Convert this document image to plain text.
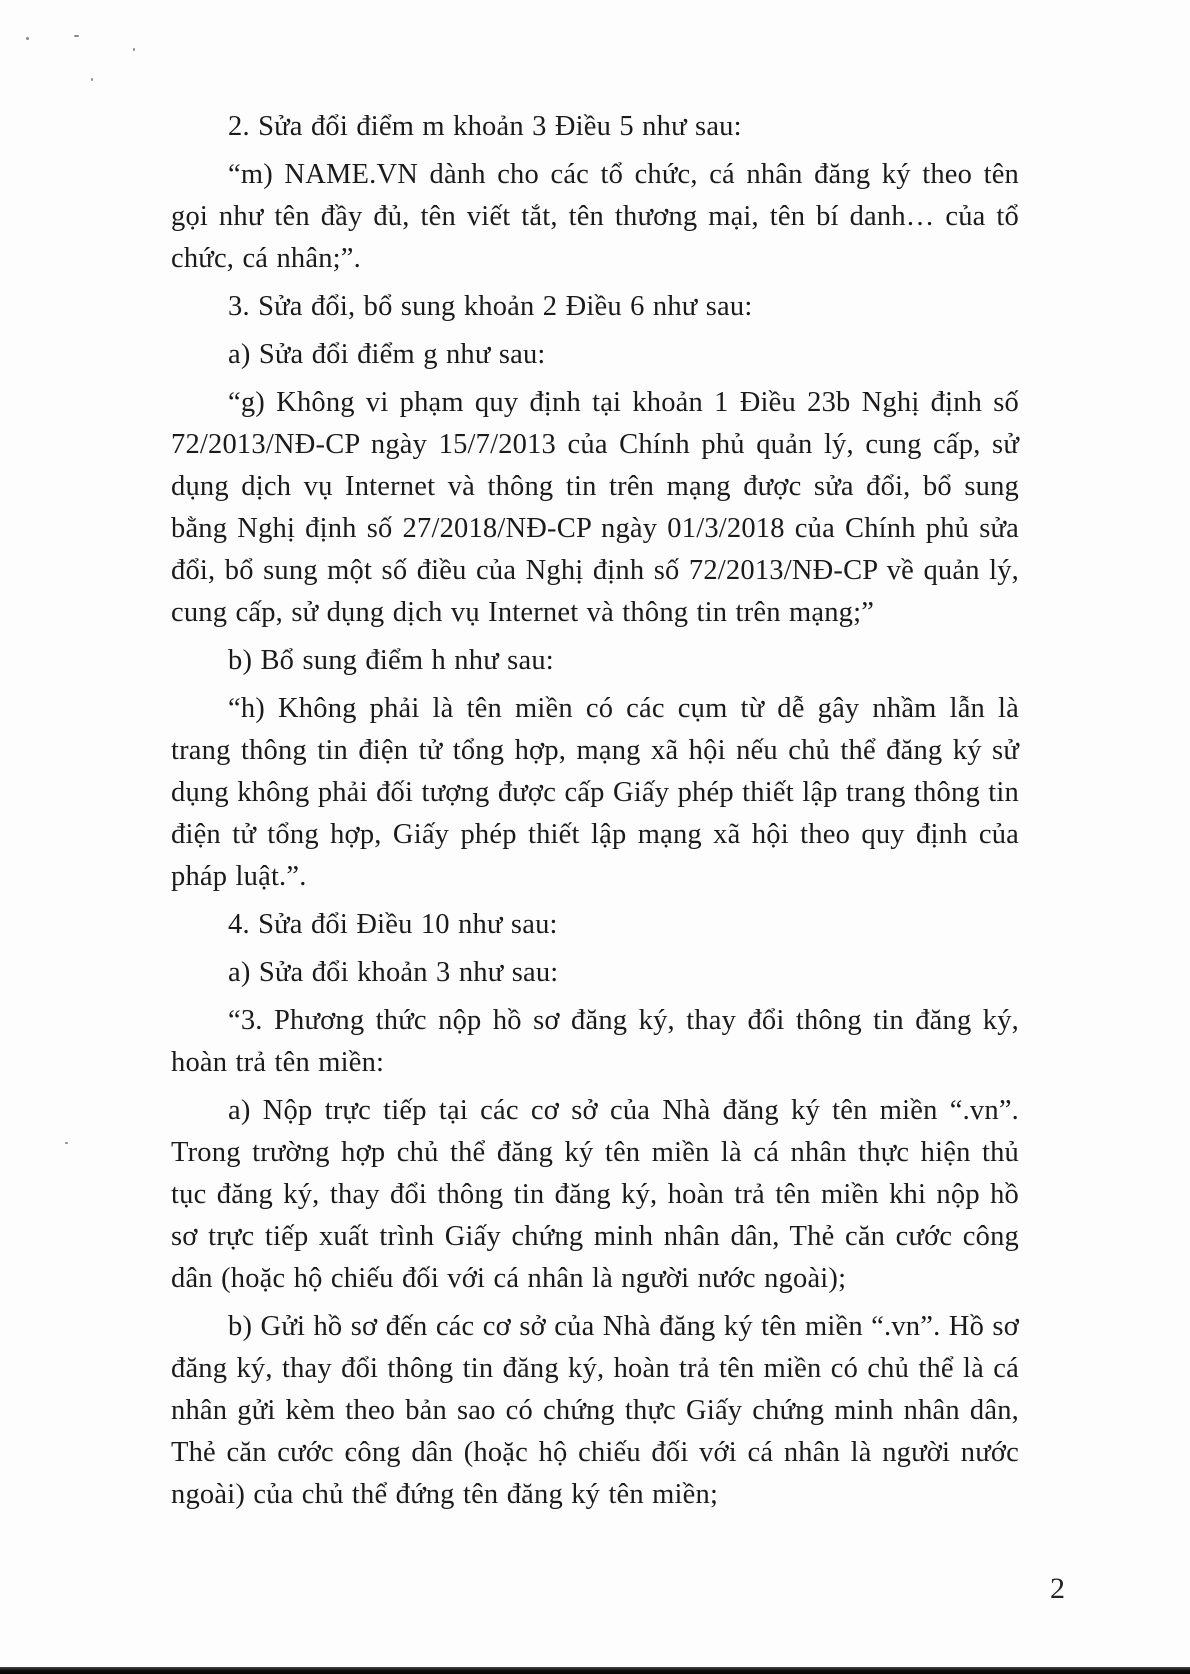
2. Sửa đổi điểm m khoản 3 Điều 5 như sau:

“m) NAME.VN dành cho các tổ chức, cá nhân đăng ký theo tên gọi như tên đầy đủ, tên viết tắt, tên thương mại, tên bí danh… của tổ chức, cá nhân;”.

3. Sửa đổi, bổ sung khoản 2 Điều 6 như sau:

a) Sửa đổi điểm g như sau:

“g) Không vi phạm quy định tại khoản 1 Điều 23b Nghị định số 72/2013/NĐ-CP ngày 15/7/2013 của Chính phủ quản lý, cung cấp, sử dụng dịch vụ Internet và thông tin trên mạng được sửa đổi, bổ sung bằng Nghị định số 27/2018/NĐ-CP ngày 01/3/2018 của Chính phủ sửa đổi, bổ sung một số điều của Nghị định số 72/2013/NĐ-CP về quản lý, cung cấp, sử dụng dịch vụ Internet và thông tin trên mạng;”

b) Bổ sung điểm h như sau:

“h) Không phải là tên miền có các cụm từ dễ gây nhầm lẫn là trang thông tin điện tử tổng hợp, mạng xã hội nếu chủ thể đăng ký sử dụng không phải đối tượng được cấp Giấy phép thiết lập trang thông tin điện tử tổng hợp, Giấy phép thiết lập mạng xã hội theo quy định của pháp luật.”.

4. Sửa đổi Điều 10 như sau:

a) Sửa đổi khoản 3 như sau:

“3. Phương thức nộp hồ sơ đăng ký, thay đổi thông tin đăng ký, hoàn trả tên miền:

a) Nộp trực tiếp tại các cơ sở của Nhà đăng ký tên miền “.vn”. Trong trường hợp chủ thể đăng ký tên miền là cá nhân thực hiện thủ tục đăng ký, thay đổi thông tin đăng ký, hoàn trả tên miền khi nộp hồ sơ trực tiếp xuất trình Giấy chứng minh nhân dân, Thẻ căn cước công dân (hoặc hộ chiếu đối với cá nhân là người nước ngoài);

b) Gửi hồ sơ đến các cơ sở của Nhà đăng ký tên miền “.vn”. Hồ sơ đăng ký, thay đổi thông tin đăng ký, hoàn trả tên miền có chủ thể là cá nhân gửi kèm theo bản sao có chứng thực Giấy chứng minh nhân dân, Thẻ căn cước công dân (hoặc hộ chiếu đối với cá nhân là người nước ngoài) của chủ thể đứng tên đăng ký tên miền;

2
